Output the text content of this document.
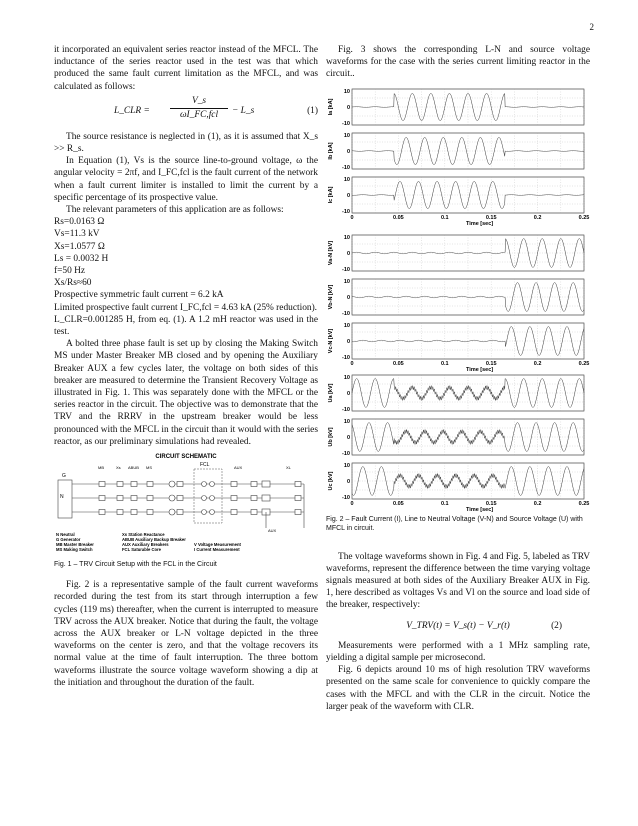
2

it incorporated an equivalent series reactor instead of the MFCL. The inductance of the series reactor used in the test was that which produced the same fault current limitation as the MFCL, and was calculated as follows:

L_CLR =
V_s
ωI_FC,fcl	− L_s	(1)

The source resistance is neglected in (1), as it is assumed that X_s >> R_s.

In Equation (1), Vs is the source line-to-ground voltage, ω the angular velocity = 2πf, and I_FC,fcl is the fault current of the network when a fault current limiter is installed to limit the current by a specific percentage of its prospective value.

The relevant parameters of this application are as follows:

Rs=0.0163 Ω
Vs=11.3 kV
Xs=1.0577 Ω
Ls = 0.0032 H
f=50 Hz
Xs/Rs≈60
Prospective symmetric fault current = 6.2 kA
Limited prospective fault current I_FC,fcl = 4.63 kA (25% reduction).
L_CLR=0.001285 H, from eq. (1). A 1.2 mH reactor was used in the test.

A bolted three phase fault is set up by closing the Making Switch MS under Master Breaker MB closed and by opening the Auxiliary Breaker AUX a few cycles later, the voltage on both sides of this breaker are measured to determine the Transient Recovery Voltage as illustrated in Fig. 1. This was separately done with the MFCL or the series reactor in the circuit. The objective was to demonstrate that the TRV and the RRRV in the upstream breaker would be less pronounced with the MFCL in the circuit than it would with the series reactor, as our preliminary simulations had revealed.

CIRCUIT SCHEMATIC
MB	Xs ABUB MS	FCL	AUX	XL
G
N
AUX
N Neutral	Xs Station Reactance
G Generator	ABUB Auxiliary Backup Breaker
MB Master Breaker	AUX Auxiliary Breakers	V Voltage Measurement
MS Making Switch	FCL Saturable Core	I Current Measurement

Fig. 1 – TRV Circuit Setup with the FCL in the Circuit

Fig. 2 is a representative sample of the fault current waveforms recorded during the test from its start through interruption a few cycles (119 ms) thereafter, when the current is interrupted to measure TRV across the AUX breaker. Notice that during the fault, the voltage across the AUX breaker or L-N voltage depicted in the three waveforms on the center is zero, and that the voltage recovers its normal value at the time of fault interruption. The three bottom waveforms illustrate the source voltage waveform showing a dip at the initiation and throughout the duration of the fault.

Fig. 3 shows the corresponding L-N and source voltage waveforms for the case with the series current limiting reactor in the circuit..

Ia [kA]
10
0
-10
Ib [kA]
10
0
-10
Ic [kA]
10
0
-10
0	0.05	0.1	0.15	0.2	0.25
Time [sec]
Va-N [kV]
10
0
-10
Vb-N [kV]
10
0
-10
Vc-N [kV]
10
0
-10
0	0.05	0.1	0.15	0.2	0.25
Time [sec]
Ua [kV]
10
0
-10
Ub [kV]
10
0
-10
Uc [kV]
10
0
-10
0	0.05	0.1	0.15	0.2	0.25
Time [sec]

Fig. 2 – Fault Current (I), Line to Neutral Voltage (V-N) and Source Voltage (U) with MFCL in circuit.

The voltage waveforms shown in Fig. 4 and Fig. 5, labeled as TRV waveforms, represent the difference between the time varying voltage signals measured at both sides of the Auxiliary Breaker AUX in Fig. 1, here described as voltages Vs and Vl on the source and load side of the breaker, respectively:

V_TRV(t) = V_s(t) − V_r(t)	(2)

Measurements were performed with a 1 MHz sampling rate, yielding a digital sample per microsecond.

Fig. 6 depicts around 10 ms of high resolution TRV waveforms presented on the same scale for convenience to quickly compare the cases with the MFCL and with the CLR in the circuit. Notice the larger peak of the waveform with CLR.
